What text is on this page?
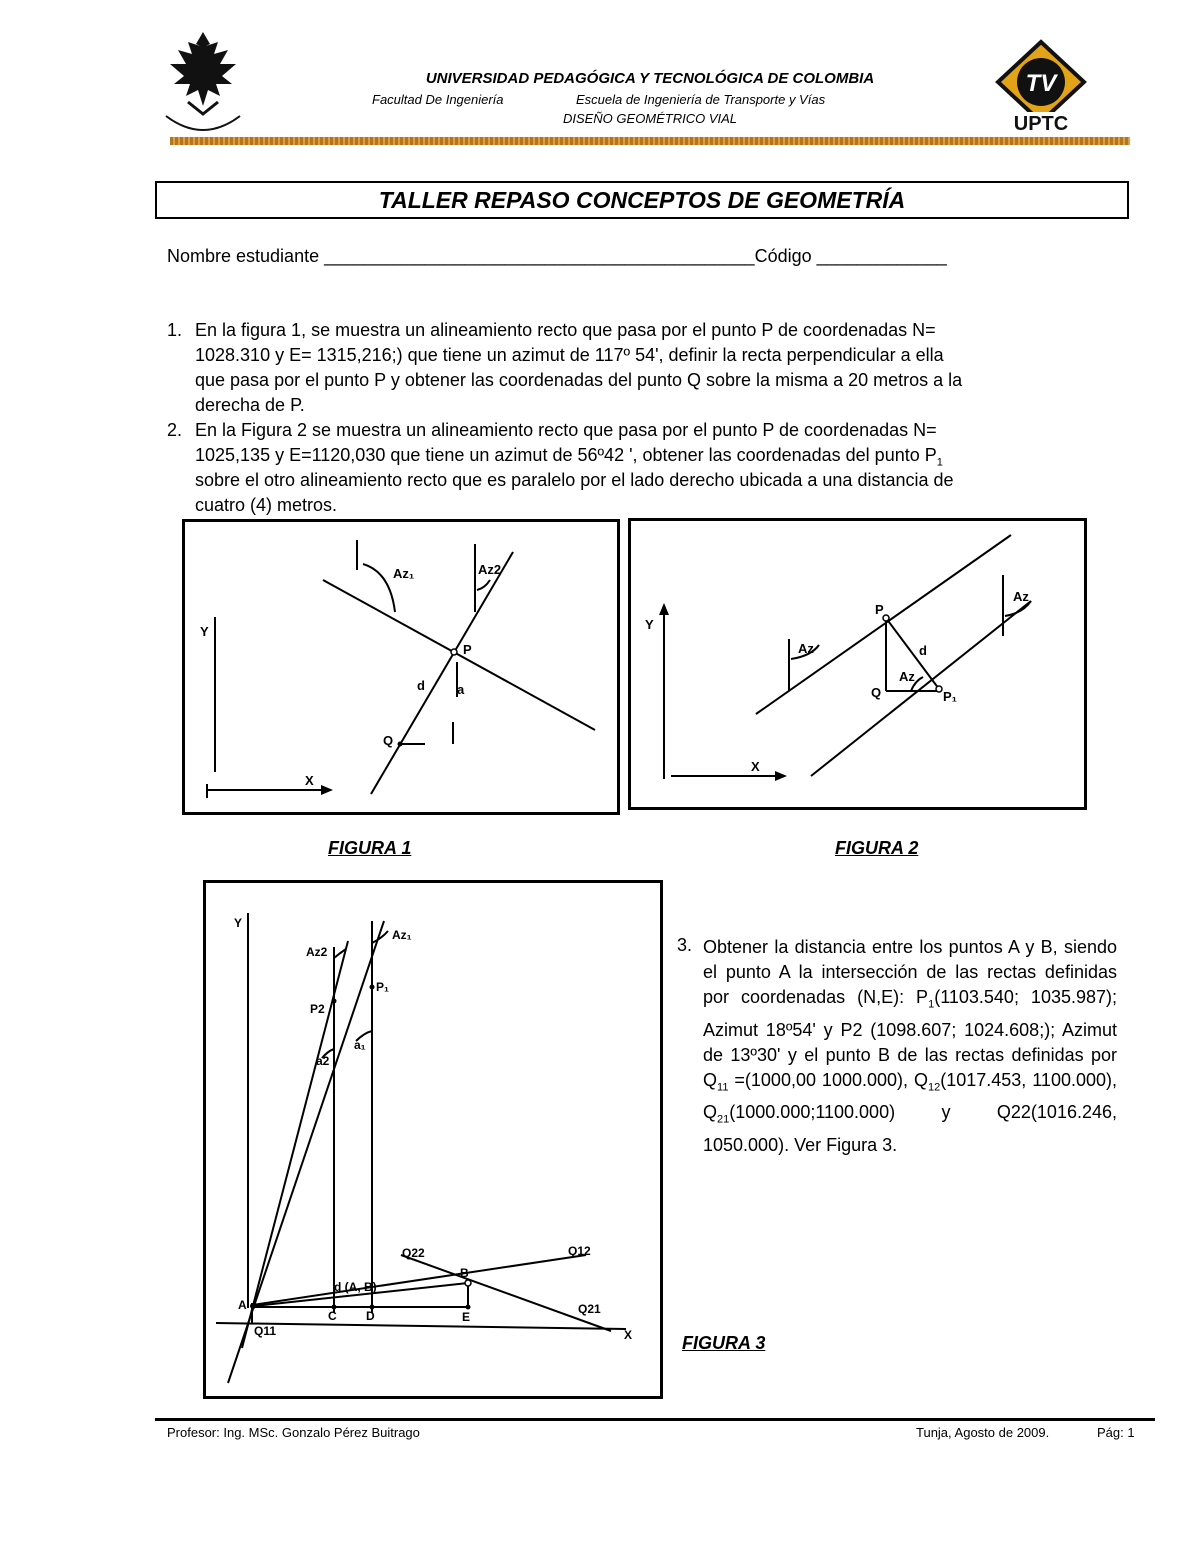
TV
UPTC
UNIVERSIDAD PEDAGÓGICA Y TECNOLÓGICA DE COLOMBIA
Facultad De Ingeniería	Escuela de Ingeniería de Transporte y Vías
DISEÑO GEOMÉTRICO VIAL
TALLER REPASO CONCEPTOS DE GEOMETRÍA
Nombre estudiante ___________________________________________Código _____________
1. En la figura 1, se muestra un alineamiento recto que pasa por el punto P de coordenadas N=
1028.310 y E= 1315,216;) que tiene un azimut de 117º 54', definir la recta perpendicular a ella
que pasa por el punto P y obtener las coordenadas del punto Q sobre la misma a 20 metros a la
derecha de P.
2. En la Figura 2 se muestra un alineamiento recto que pasa por el punto P de coordenadas N=
1025,135 y E=1120,030 que tiene un azimut de 56º42 ', obtener las coordenadas del punto $P_1$
sobre el otro alineamiento recto que es paralelo por el lado derecho ubicada a una distancia de
cuatro (4) metros.
Az₁	Az2
P
d a
Q
Y
X
Y
X
P
d
Az
Q	P₁
Az
Az
FIGURA 1	FIGURA 2
Y
X
Az₁
Az2
P₁
P2
a₁
a2
Q22	Q12
Q21
Q11
B
A
d (A, B)
C D	E
3. Obtener la distancia entre los puntos A y B, siendo el punto A la intersección de las rectas definidas por coordenadas (N,E): $P_1(1103.540$; 1035.987); Azimut 18º54' y P2 (1098.607; 1024.608;); Azimut de 13º30' y el punto B de las rectas definidas por $Q_{11} =(1000,00$ 1000.000), $Q_{12}(1017.453$, 1100.000), $Q_{21}(1000.000;1100.000)$ y Q22(1016.246, 1050.000). Ver Figura 3.
FIGURA 3
Profesor: Ing. MSc. Gonzalo Pérez Buitrago	Tunja, Agosto de 2009.	Pág: 1
